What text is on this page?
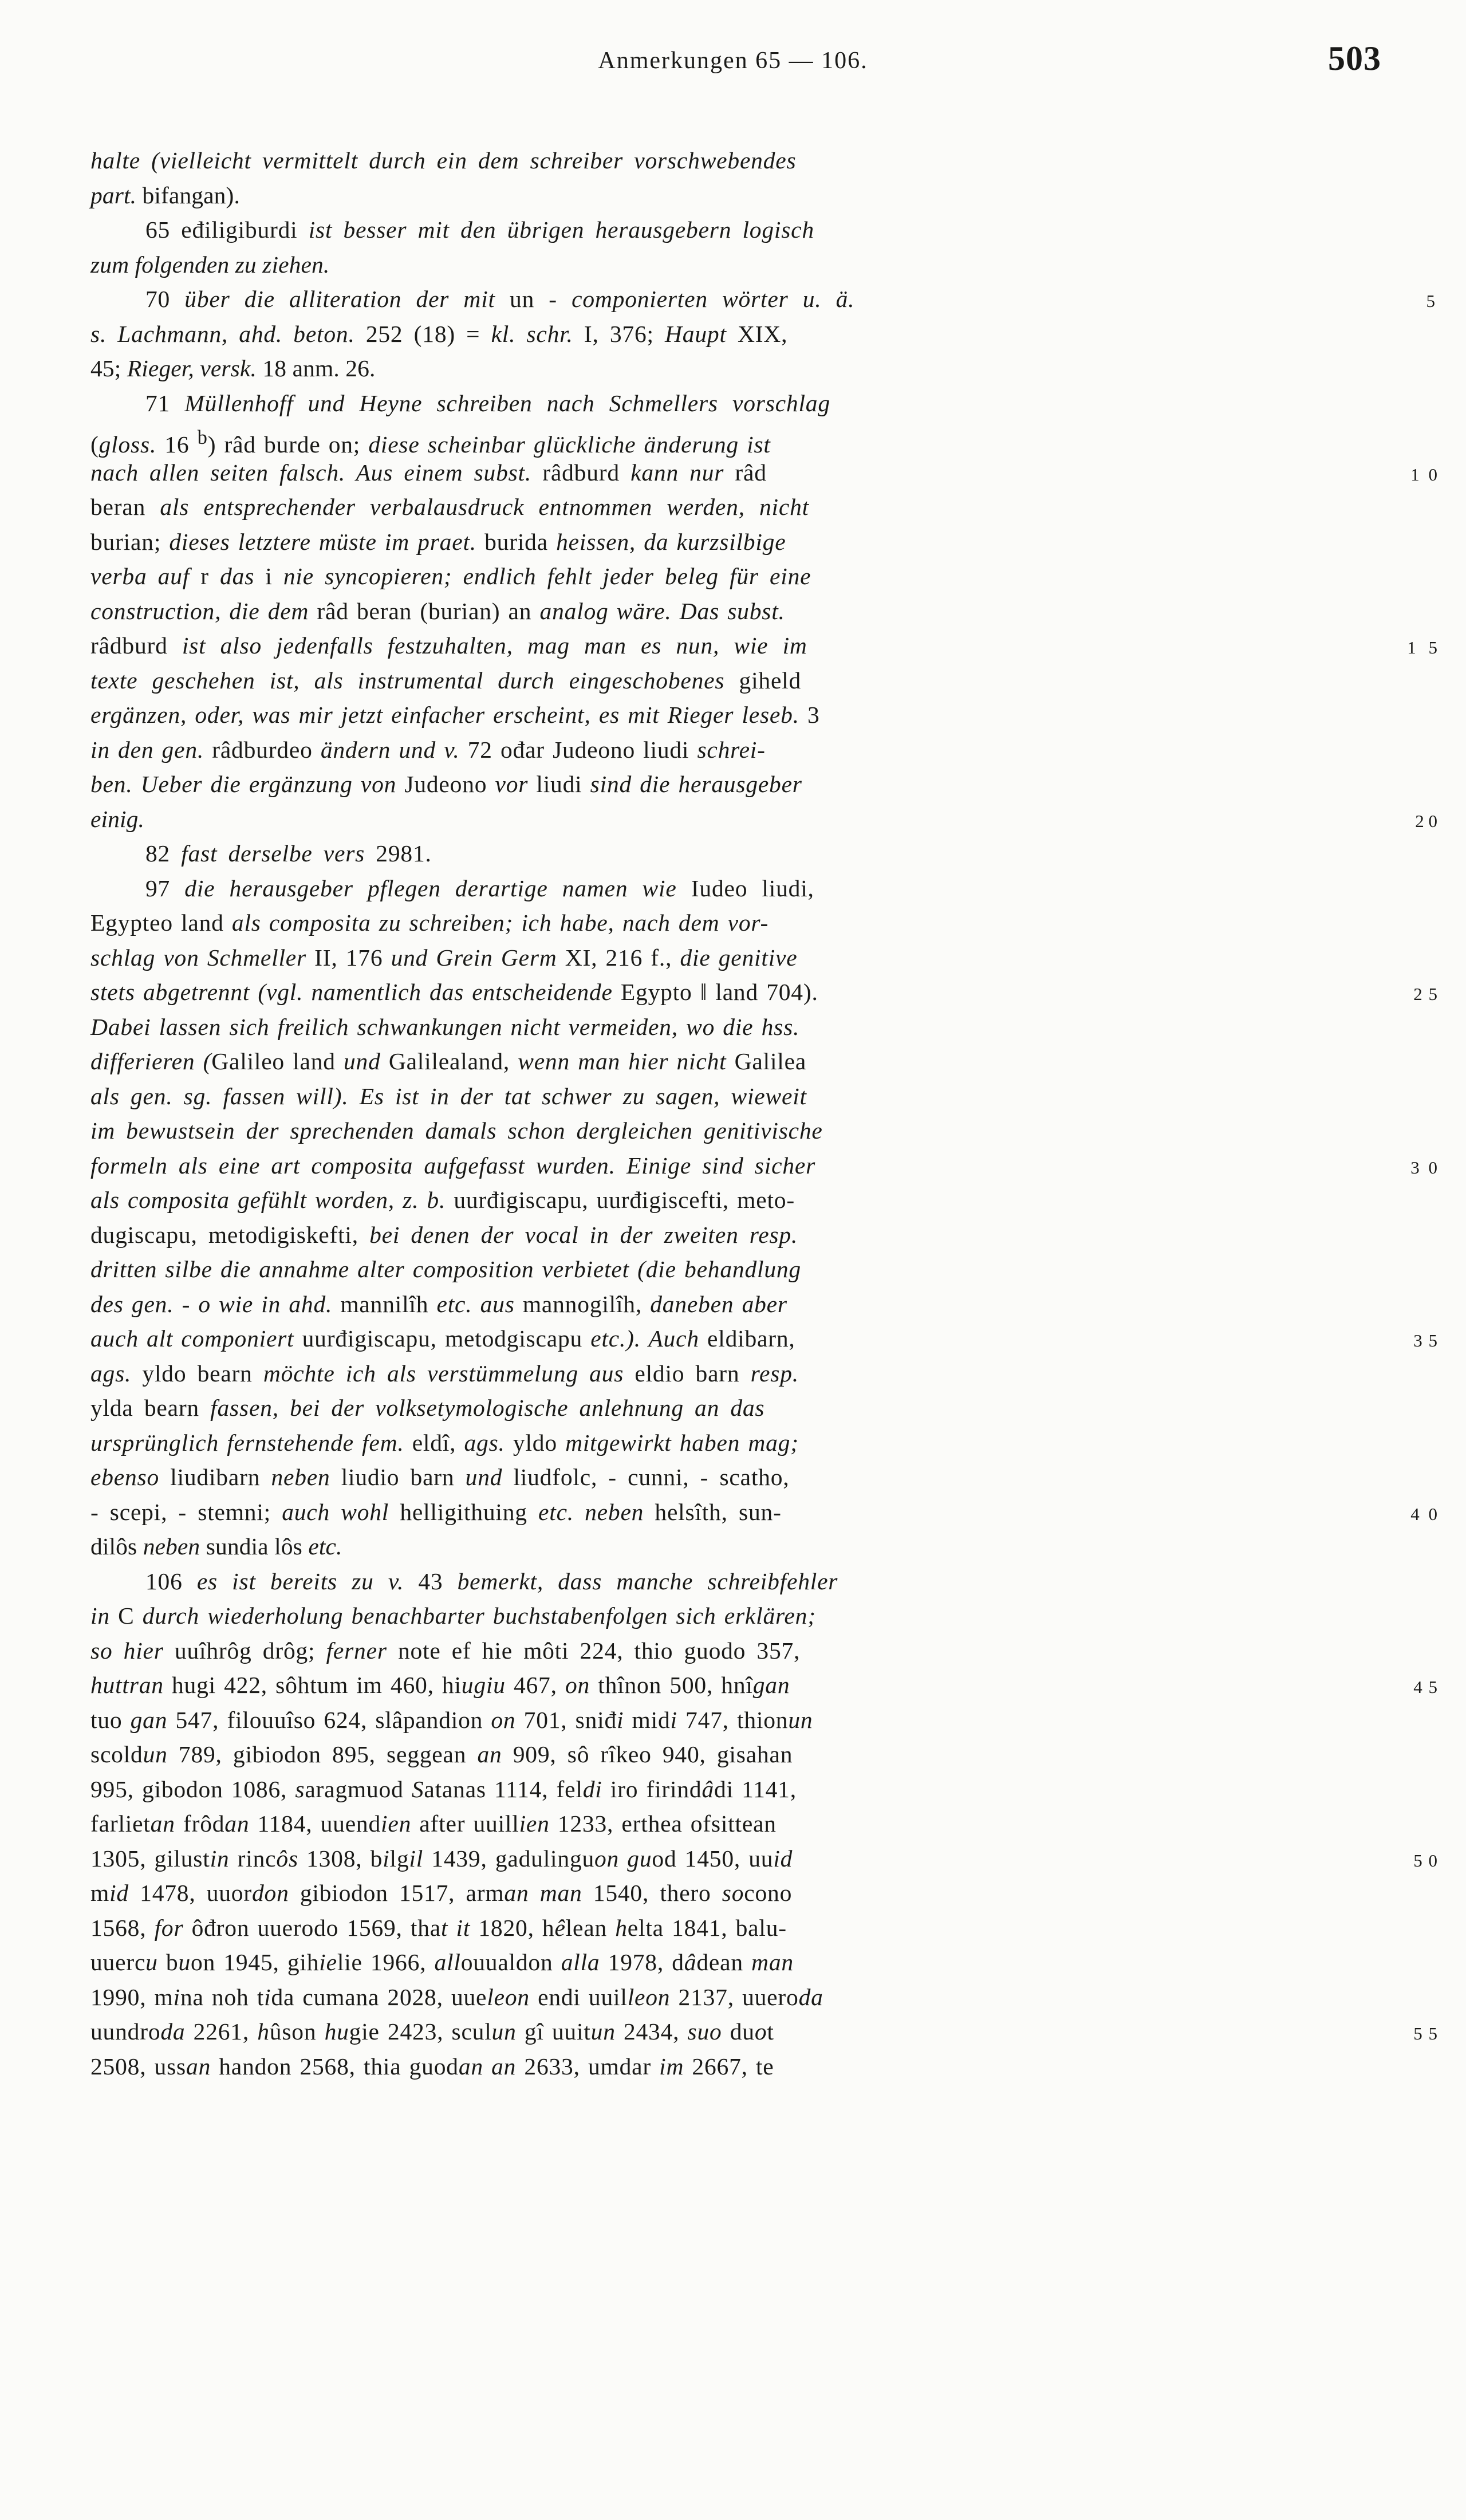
Anmerkungen 65 — 106.	503
halte (vielleicht vermittelt durch ein dem schreiber vorschwebendes
part. bifangan).
65 eđiligiburdi ist besser mit den übrigen herausgebern logisch
zum folgenden zu ziehen.
70 über die alliteration der mit un - componierten wörter u. ä.	5
s. Lachmann, ahd. beton. 252 (18) = kl. schr. I, 376; Haupt XIX,
45; Rieger, versk. 18 anm. 26.
71 Müllenhoff und Heyne schreiben nach Schmellers vorschlag
(gloss. 16 $^b$) râd burde on; diese scheinbar glückliche änderung ist
nach allen seiten falsch. Aus einem subst. râdburd kann nur râd	1 0
beran als entsprechender verbalausdruck entnommen werden, nicht
burian; dieses letztere müste im praet. burida heissen, da kurzsilbige
verba auf r das i nie syncopieren; endlich fehlt jeder beleg für eine
construction, die dem râd beran (burian) an analog wäre. Das subst.
râdburd ist also jedenfalls festzuhalten, mag man es nun, wie im	1 5
texte geschehen ist, als instrumental durch eingeschobenes giheld
ergänzen, oder, was mir jetzt einfacher erscheint, es mit Rieger leseb. 3
in den gen. râdburdeo ändern und v. 72 ođar Judeono liudi schrei-
ben. Ueber die ergänzung von Judeono vor liudi sind die herausgeber
einig.	2 0
82 fast derselbe vers 2981.
97 die herausgeber pflegen derartige namen wie Iudeo liudi,
Egypteo land als composita zu schreiben; ich habe, nach dem vor-
schlag von Schmeller II, 176 und Grein Germ XI, 216 f., die genitive
stets abgetrennt (vgl. namentlich das entscheidende Egypto ‖ land 704).	2 5
Dabei lassen sich freilich schwankungen nicht vermeiden, wo die hss.
differieren (Galileo land und Galilealand, wenn man hier nicht Galilea
als gen. sg. fassen will). Es ist in der tat schwer zu sagen, wieweit
im bewustsein der sprechenden damals schon dergleichen genitivische
formeln als eine art composita aufgefasst wurden. Einige sind sicher	3 0
als composita gefühlt worden, z. b. uurđigiscapu, uurđigiscefti, meto-
dugiscapu, metodigiskefti, bei denen der vocal in der zweiten resp.
dritten silbe die annahme alter composition verbietet (die behandlung
des gen. - o wie in ahd. mannilîh etc. aus mannogilîh, daneben aber
auch alt componiert uurđigiscapu, metodgiscapu etc.). Auch eldibarn,	3 5
ags. yldo bearn möchte ich als verstümmelung aus eldio barn resp.
ylda bearn fassen, bei der volksetymologische anlehnung an das
ursprünglich fernstehende fem. eldî, ags. yldo mitgewirkt haben mag;
ebenso liudibarn neben liudio barn und liudfolc, - cunni, - scatho,
- scepi, - stemni; auch wohl helligithuing etc. neben helsîth, sun-	4 0
dilôs neben sundia lôs etc.
106 es ist bereits zu v. 43 bemerkt, dass manche schreibfehler
in C durch wiederholung benachbarter buchstabenfolgen sich erklären;
so hier uuîhrôg drôg; ferner note ef hie môti 224, thio guodo 357,
huttran hugi 422, sôhtum im 460, hiugiu 467, on thînon 500, hnîgan	4 5
tuo gan 547, filouuîso 624, slâpandion on 701, sniđi midi 747, thionun
scoldun 789, gibiodon 895, seggean an 909, sô rîkeo 940, gisahan
995, gibodon 1086, saragmuod Satanas 1114, feldi iro firindâdi 1141,
farlietan frôdan 1184, uuendien after uuillien 1233, erthea ofsittean
1305, gilustin rincôs 1308, bilgil 1439, gadulinguon guod 1450, uuid	5 0
mid 1478, uuordon gibiodon 1517, arman man 1540, thero socono
1568, for ôđron uuerodo 1569, that it 1820, hêlean helta 1841, balu-
uuercu buon 1945, gihielie 1966, allouualdon alla 1978, dâdean man
1990, mina noh tida cumana 2028, uueleon endi uuilleon 2137, uueroda
uundroda 2261, hûson hugie 2423, sculun gî uuitun 2434, suo duot	5 5
2508, ussan handon 2568, thia guodan an 2633, umdar im 2667, te
